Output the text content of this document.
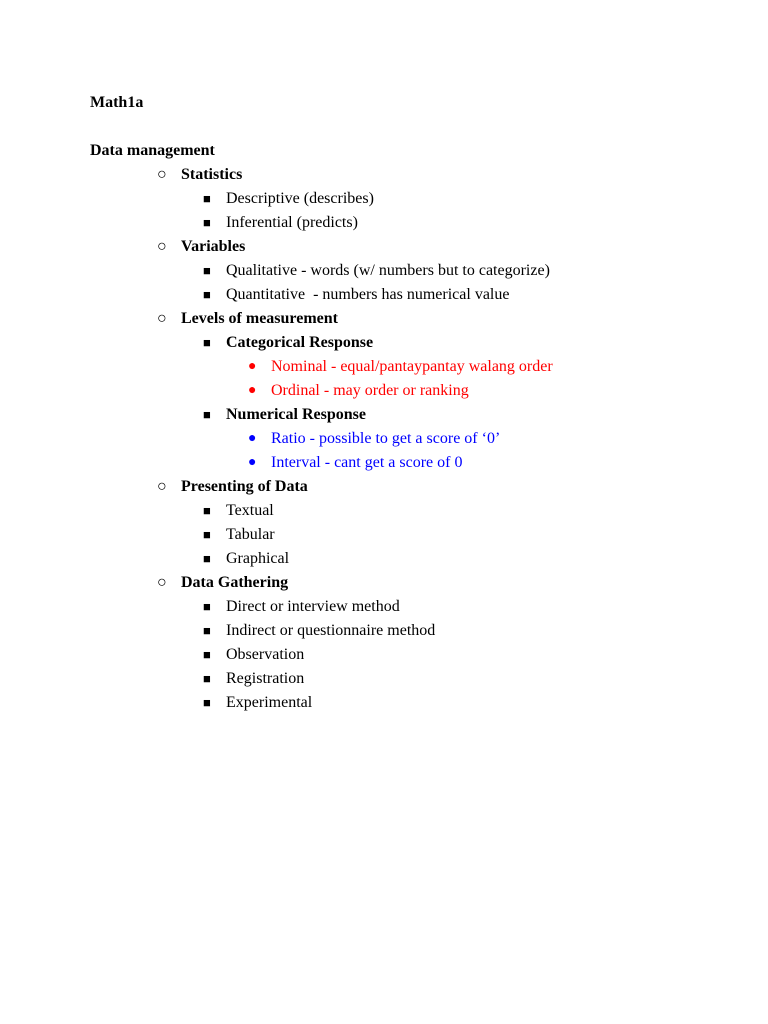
Math1a

Data management

○ Statistics
■ Descriptive (describes)
■ Inferential (predicts)
○ Variables
■ Qualitative - words (w/ numbers but to categorize)
■ Quantitative  - numbers has numerical value
○ Levels of measurement
■ Categorical Response
● Nominal - equal/pantaypantay walang order
● Ordinal - may order or ranking
■ Numerical Response
● Ratio - possible to get a score of ‘0’
● Interval - cant get a score of 0
○ Presenting of Data
■ Textual
■ Tabular
■ Graphical
○ Data Gathering
■ Direct or interview method
■ Indirect or questionnaire method
■ Observation
■ Registration
■ Experimental
